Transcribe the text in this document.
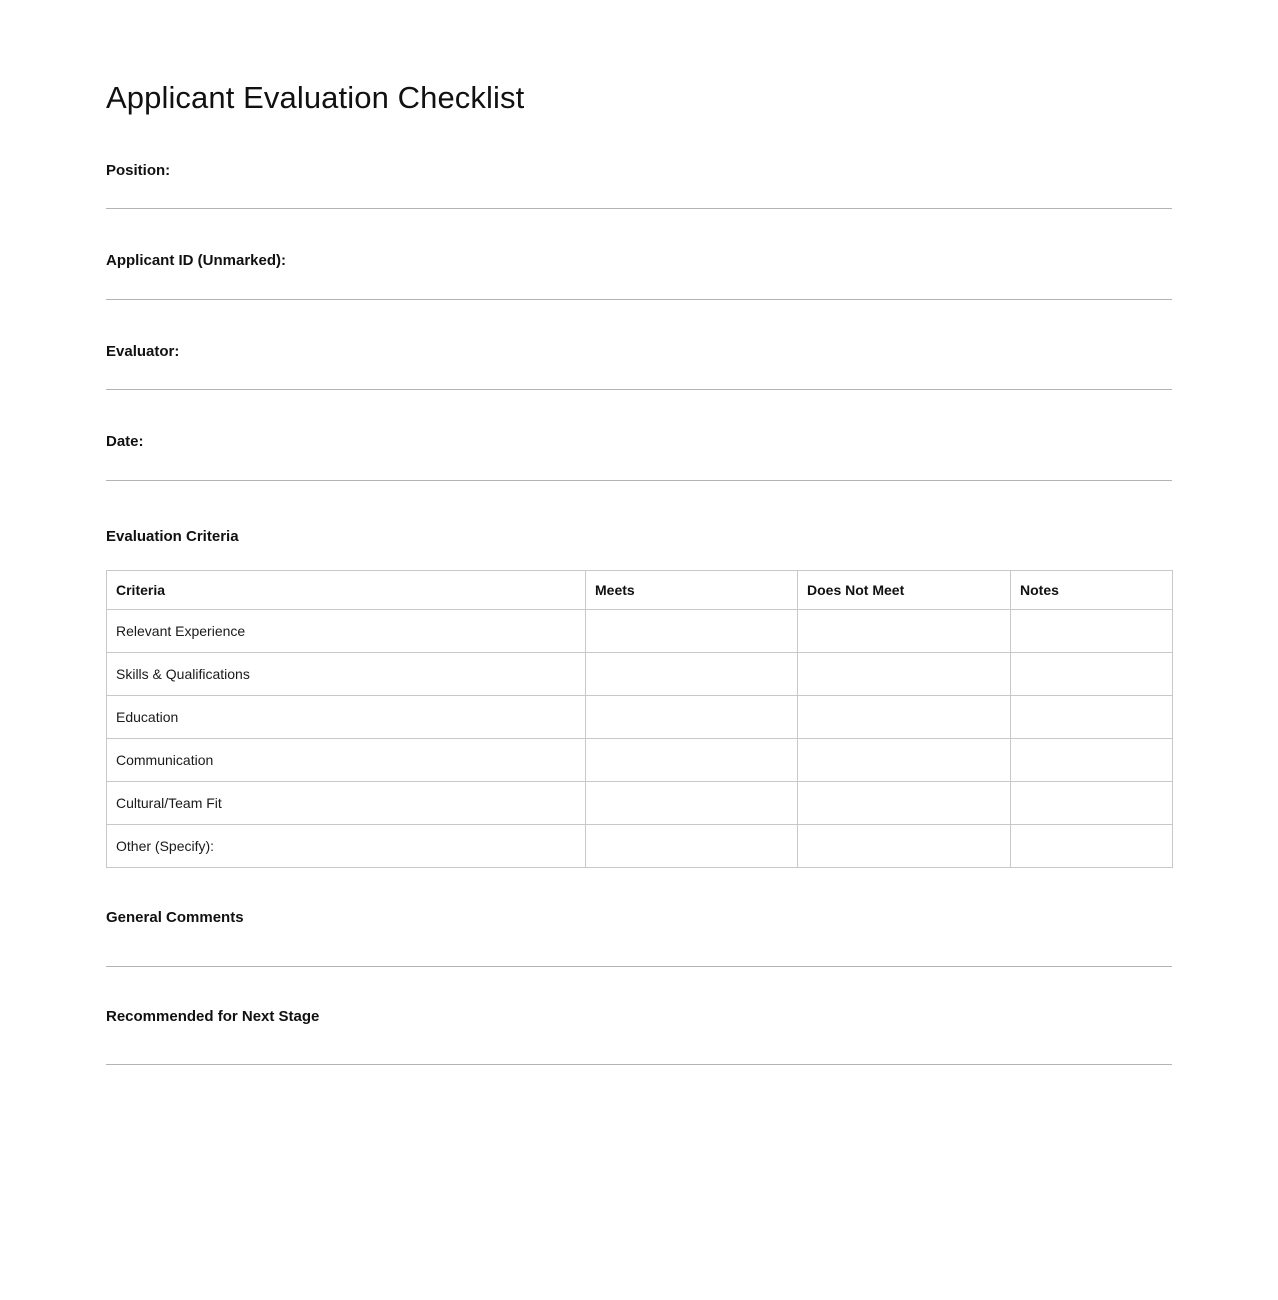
Applicant Evaluation Checklist
Position:
Applicant ID (Unmarked):
Evaluator:
Date:
Evaluation Criteria
Criteria	Meets	Does Not Meet	Notes
Relevant Experience			
Skills & Qualifications			
Education			
Communication			
Cultural/Team Fit			
Other (Specify):			
General Comments
Recommended for Next Stage
